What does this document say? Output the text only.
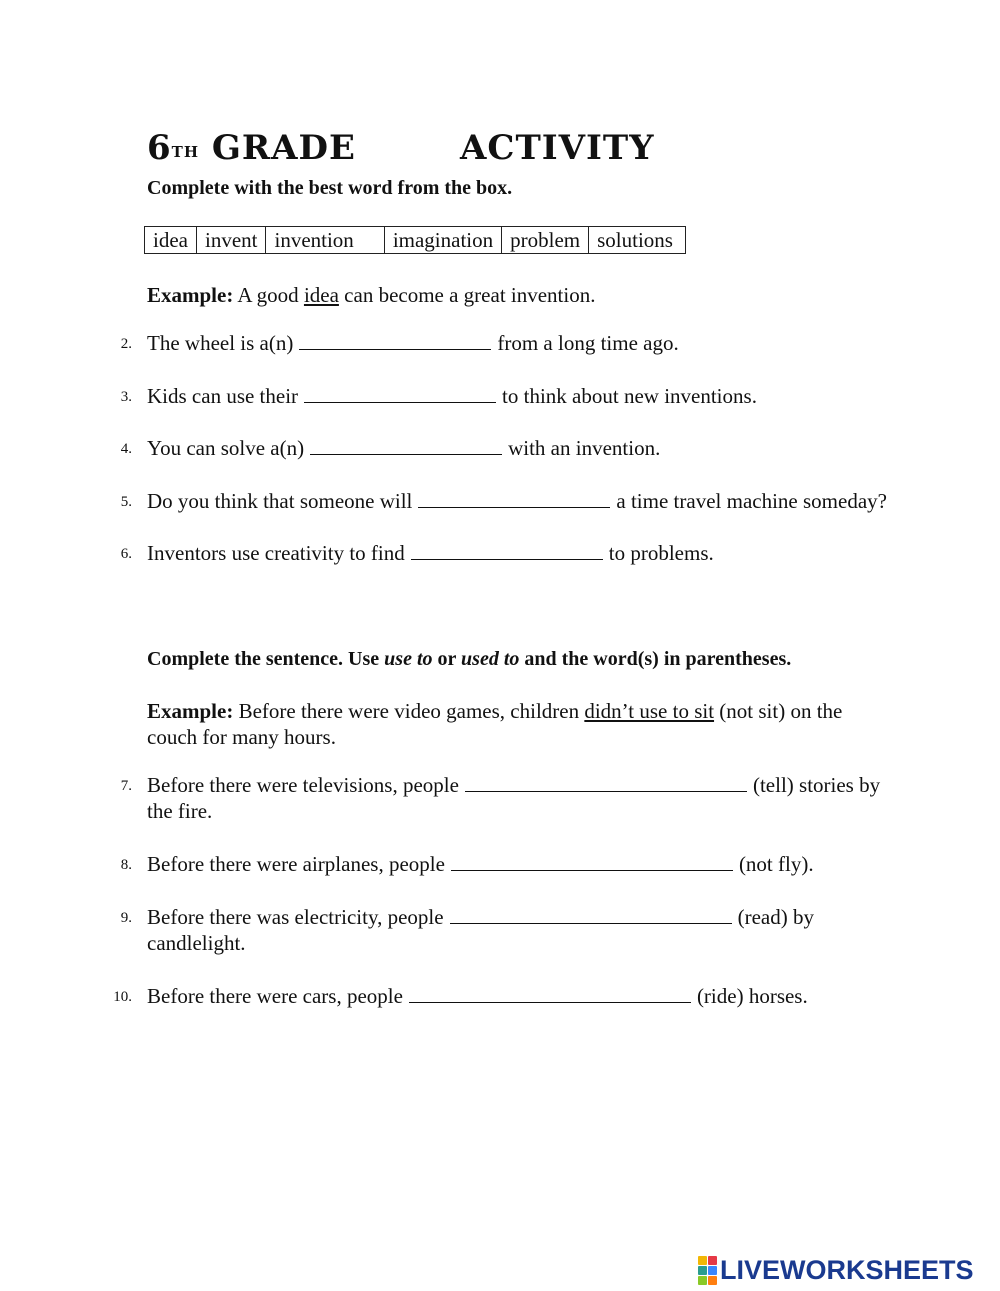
6TH GRADE	ACTIVITY
Complete with the best word from the box.
idea	invent	invention	imagination	problem	solutions
Example: A good idea can become a great invention.
2. The wheel is a(n)	from a long time ago.
3. Kids can use their	to think about new inventions.
4. You can solve a(n)	with an invention.
5. Do you think that someone will	a time travel machine someday?
6. Inventors use creativity to find	to problems.
Complete the sentence. Use use to or used to and the word(s) in parentheses.
Example: Before there were video games, children didn’t use to sit (not sit) on the
couch for many hours.
7. Before there were televisions, people	(tell) stories by
the fire.
8. Before there were airplanes, people	(not fly).
9. Before there was electricity, people	(read) by
candlelight.
10. Before there were cars, people	(ride) horses.
LIVEWORKSHEETS
